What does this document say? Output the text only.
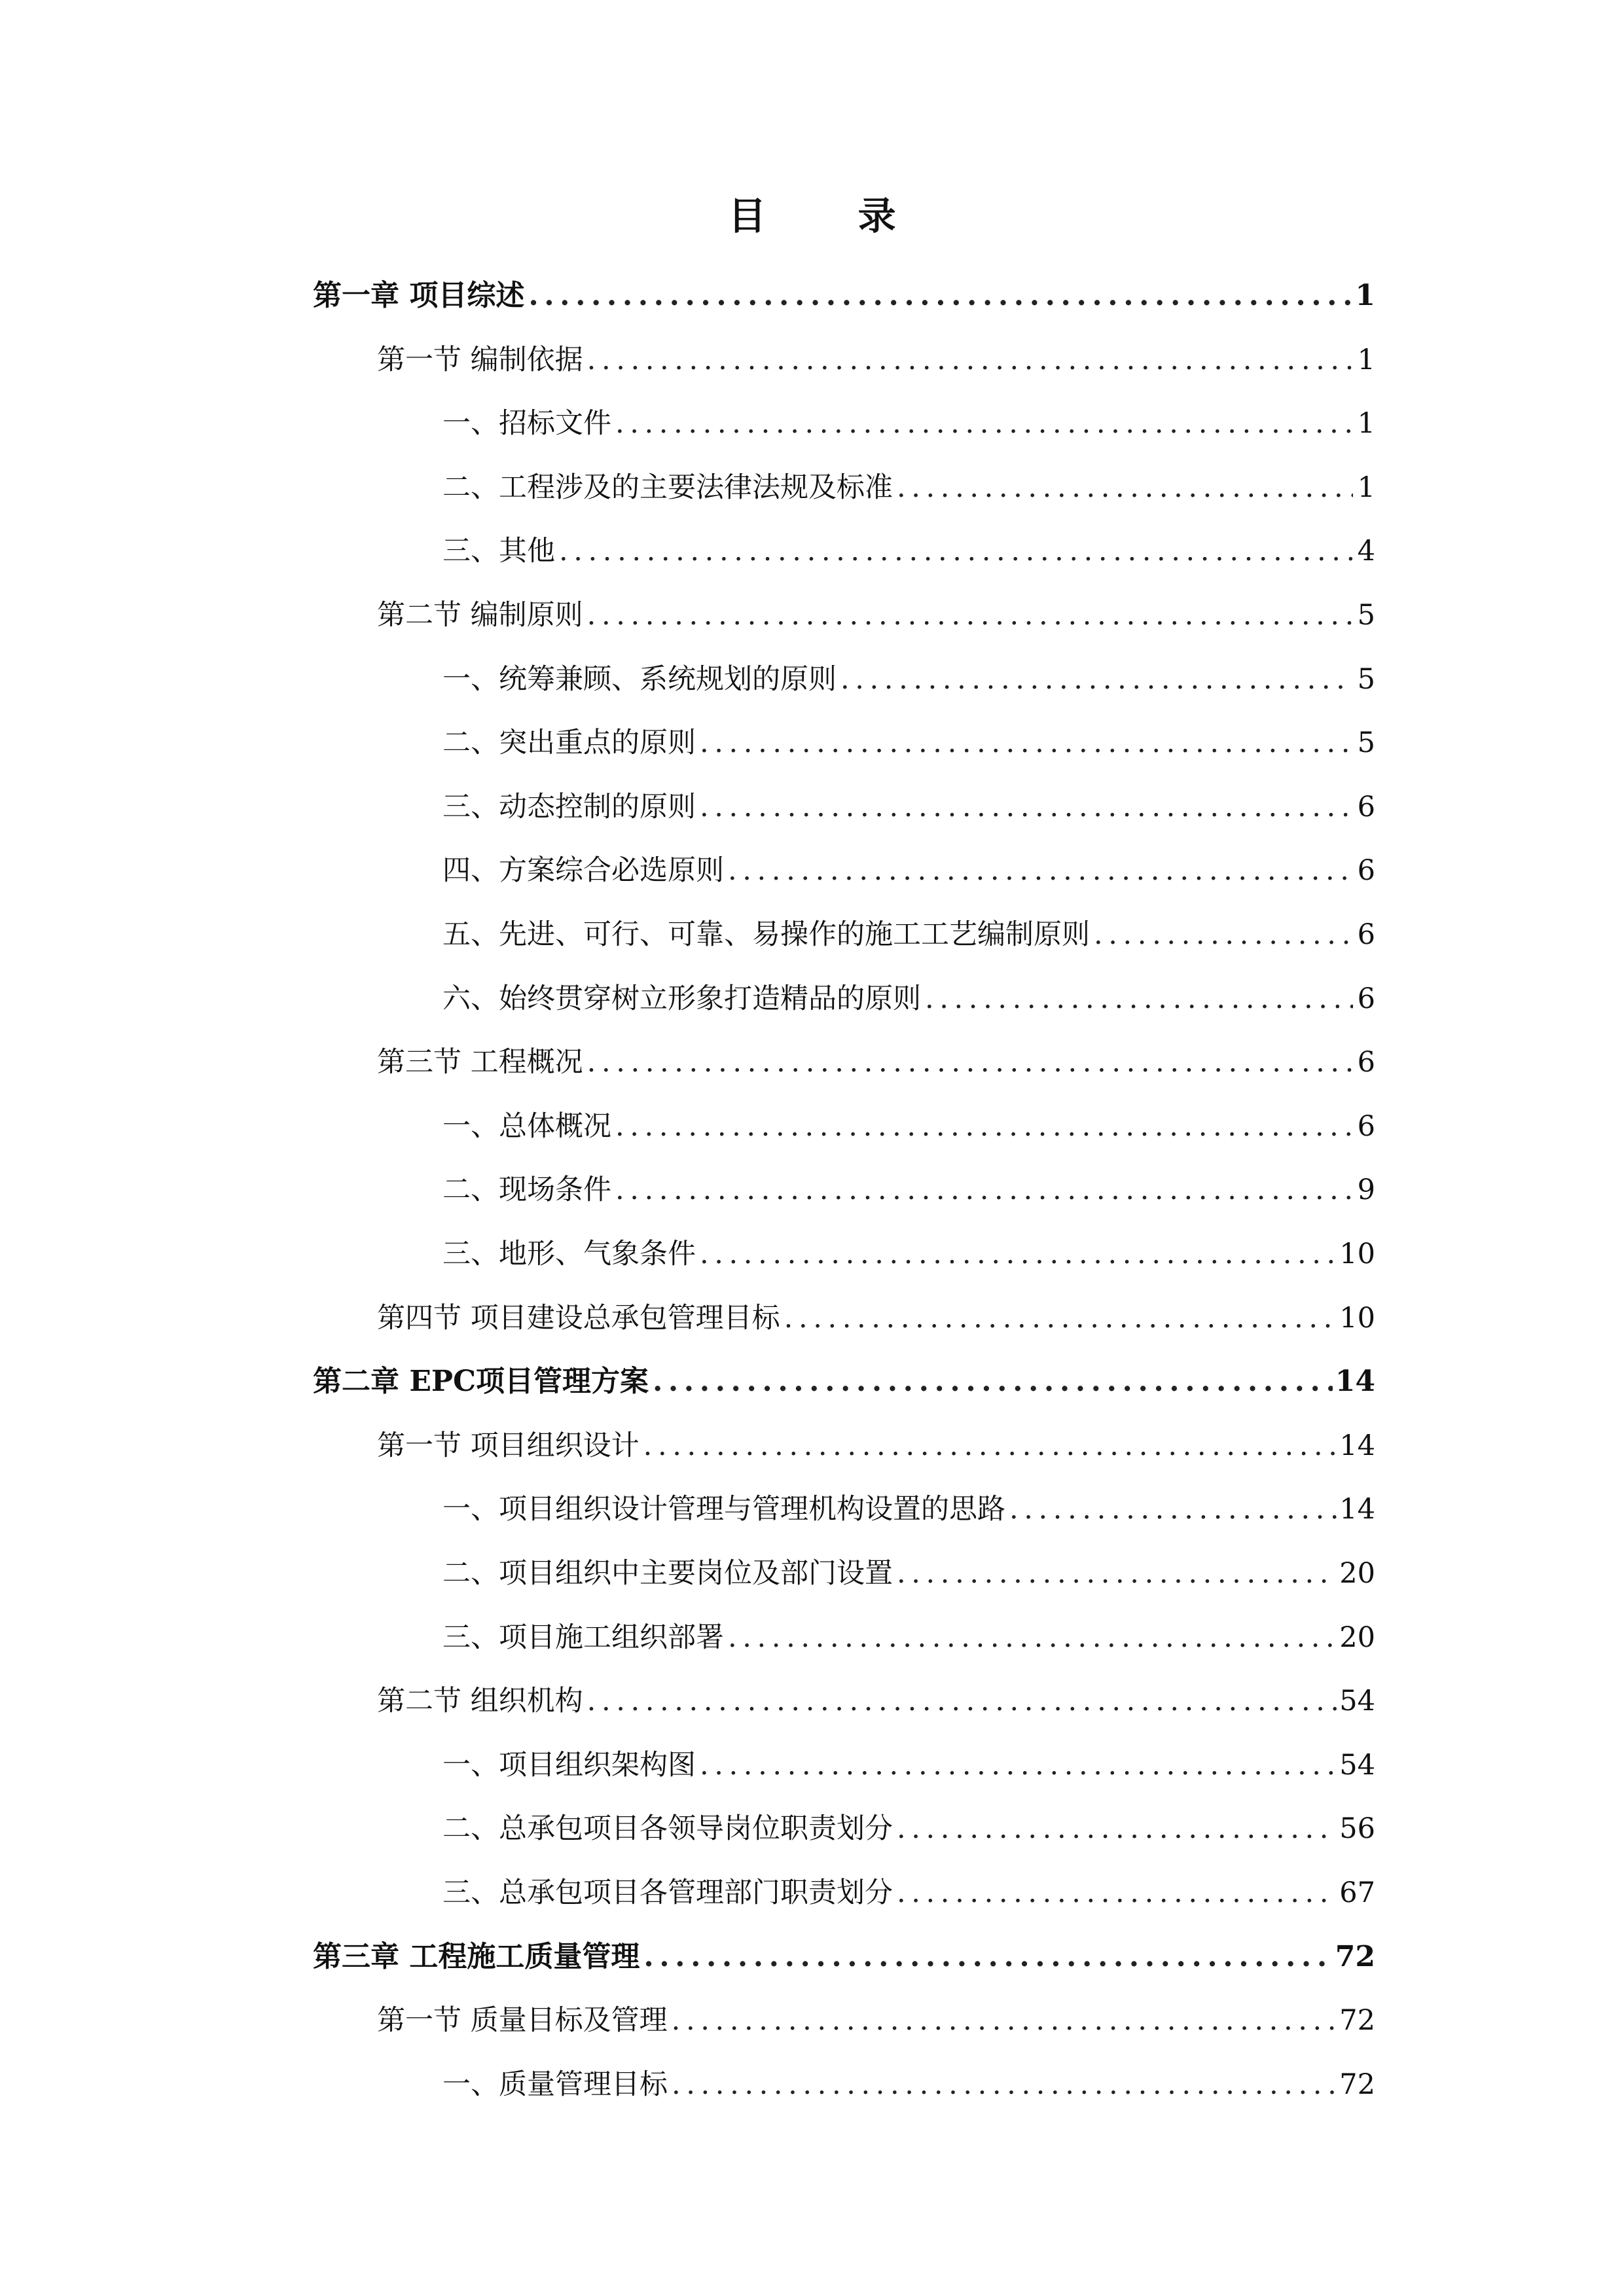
目 录
第一章 项目综述 .....	1
第一节 编制依据 .....	1
一、招标文件 .....	1
二、工程涉及的主要法律法规及标准 .....	1
三、其他 .....	4
第二节 编制原则 .....	5
一、统筹兼顾、系统规划的原则 .....	5
二、突出重点的原则 .....	5
三、动态控制的原则 .....	6
四、方案综合必选原则 .....	6
五、先进、可行、可靠、易操作的施工工艺编制原则 .....	6
六、始终贯穿树立形象打造精品的原则 .....	6
第三节 工程概况 .....	6
一、总体概况 .....	6
二、现场条件 .....	9
三、地形、气象条件 .....	10
第四节 项目建设总承包管理目标 .....	10
第二章 EPC项目管理方案 .....	14
第一节 项目组织设计 .....	14
一、项目组织设计管理与管理机构设置的思路 .....	14
二、项目组织中主要岗位及部门设置 .....	20
三、项目施工组织部署 .....	20
第二节 组织机构 .....	54
一、项目组织架构图 .....	54
二、总承包项目各领导岗位职责划分 .....	56
三、总承包项目各管理部门职责划分 .....	67
第三章 工程施工质量管理 .....	72
第一节 质量目标及管理 .....	72
一、质量管理目标 .....	72
